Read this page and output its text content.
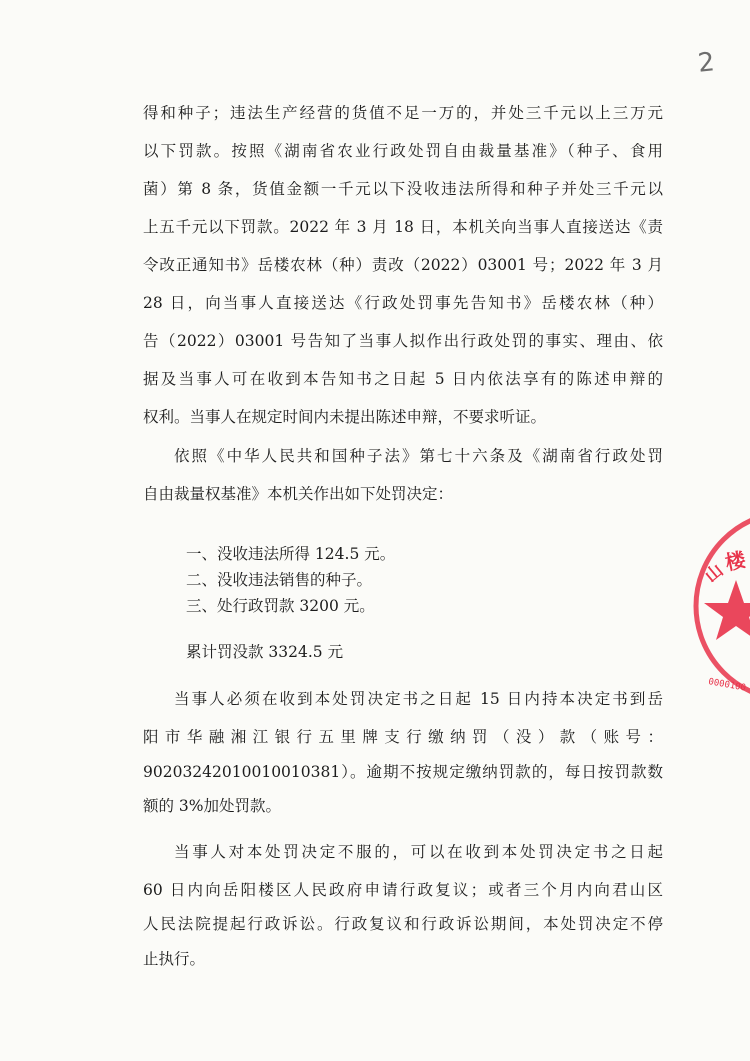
2
得和种子；违法生产经营的货值不足一万的，并处三千元以上三万元
以下罚款。按照《湖南省农业行政处罚自由裁量基准》（种子、食用
菌）第 8 条，货值金额一千元以下没收违法所得和种子并处三千元以
上五千元以下罚款。2022 年 3 月 18 日，本机关向当事人直接送达《责
令改正通知书》岳楼农林（种）责改（2022）03001 号；2022 年 3 月
28 日，向当事人直接送达《行政处罚事先告知书》岳楼农林（种）
告（2022）03001 号告知了当事人拟作出行政处罚的事实、理由、依
据及当事人可在收到本告知书之日起 5 日内依法享有的陈述申辩的
权利。当事人在规定时间内未提出陈述申辩，不要求听证。
依照《中华人民共和国种子法》第七十六条及《湖南省行政处罚
自由裁量权基准》本机关作出如下处罚决定：
一、没收违法所得 124.5 元。
二、没收违法销售的种子。
三、处行政罚款 3200 元。
累计罚没款 3324.5 元
当事人必须在收到本处罚决定书之日起 15 日内持本决定书到岳
阳市华融湘江银行五里牌支行缴纳罚（没）款（账号：
90203242010010010381）。逾期不按规定缴纳罚款的，每日按罚款数
额的 3%加处罚款。
当事人对本处罚决定不服的，可以在收到本处罚决定书之日起
60 日内向岳阳楼区人民政府申请行政复议；或者三个月内向君山区
人民法院提起行政诉讼。行政复议和行政诉讼期间，本处罚决定不停
止执行。
楼
山
0000100
